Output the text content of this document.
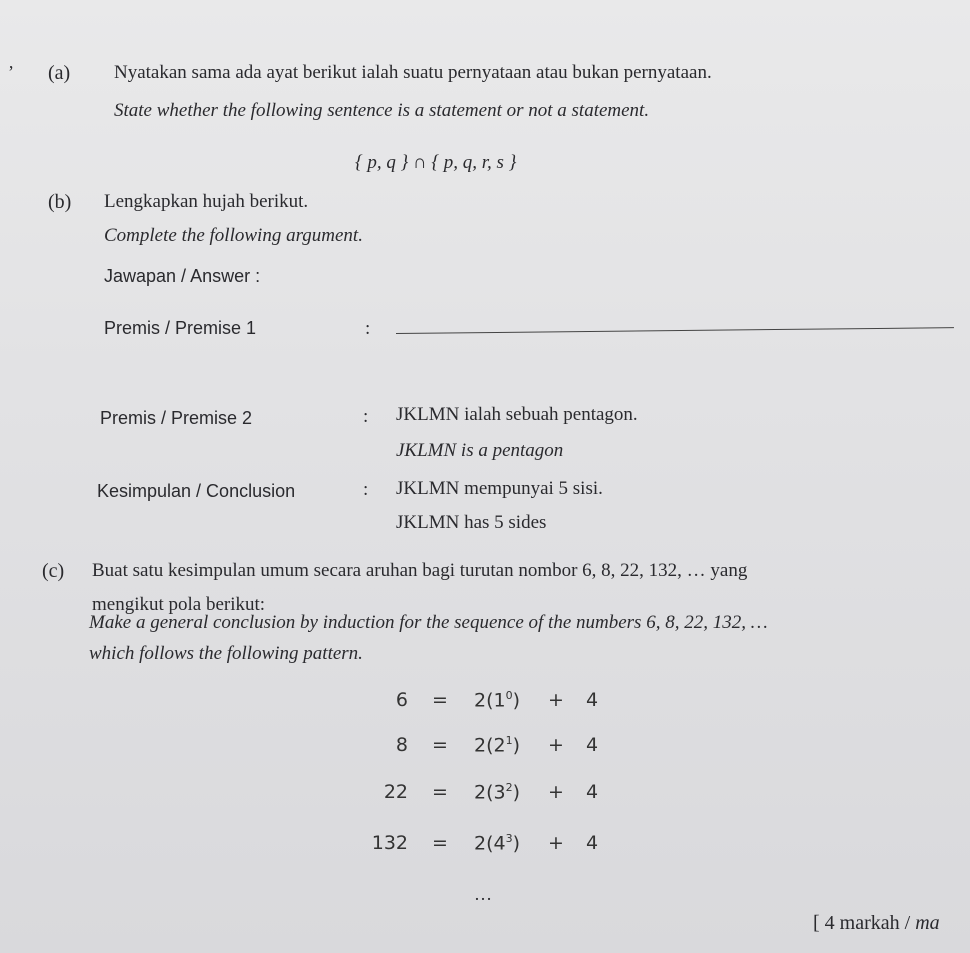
ʼ (a) Nyatakan sama ada ayat berikut ialah suatu pernyataan atau bukan pernyataan.
State whether the following sentence is a statement or not a statement.
{ p, q } ∩ { p, q, r, s }
(b) Lengkapkan hujah berikut.
Complete the following argument.
Jawapan / Answer :
Premis / Premise 1	:
Premis / Premise 2	: JKLMN ialah sebuah pentagon.
JKLMN is a pentagon
Kesimpulan / Conclusion	: JKLMN mempunyai 5 sisi.
JKLMN has 5 sides
(c) Buat satu kesimpulan umum secara aruhan bagi turutan nombor 6, 8, 22, 132, … yang
mengikut pola berikut:
Make a general conclusion by induction for the sequence of the numbers 6, 8, 22, 132, …
which follows the following pattern.
$6 = 2(1^0) + 4$
$8 = 2(2^1) + 4$
$22 = 2(3^2) + 4$
$132 = 2(4^3) + 4$
…
[ 4 markah / ma
